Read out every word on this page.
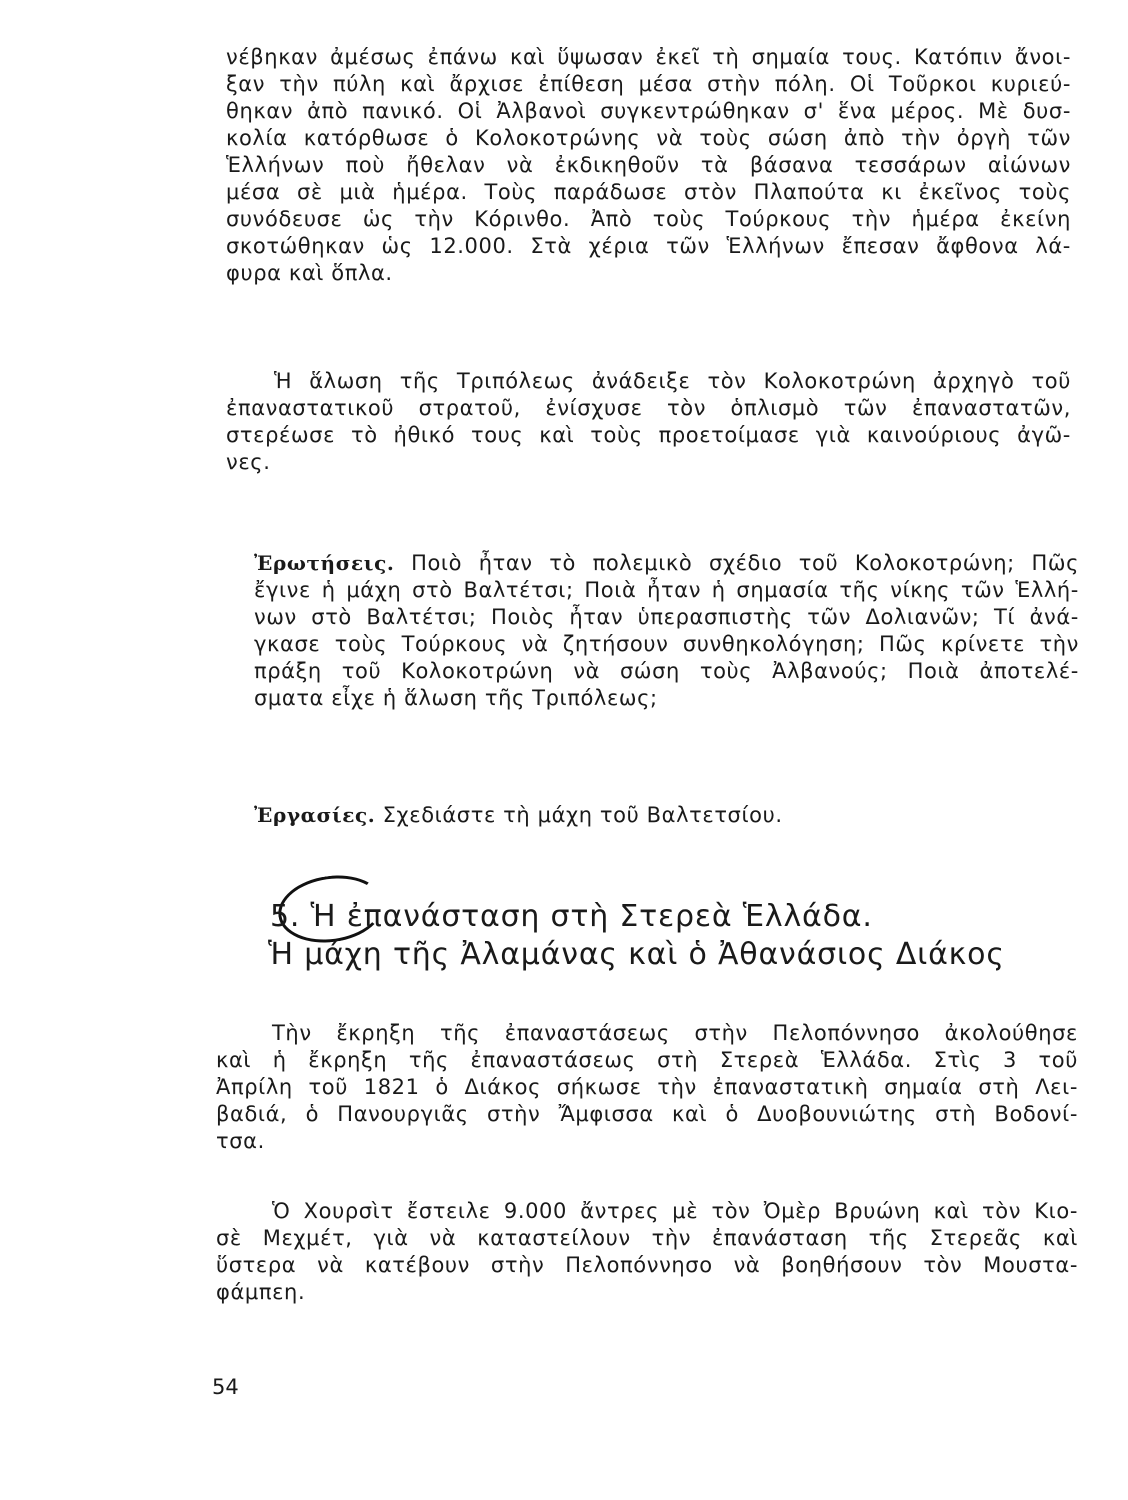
νέβηκαν ἀμέσως ἐπάνω καὶ ὕψωσαν ἐκεῖ τὴ σημαία τους. Κατόπιν ἄνοι-
ξαν τὴν πύλη καὶ ἄρχισε ἐπίθεση μέσα στὴν πόλη. Οἱ Τοῦρκοι κυριεύ-
θηκαν ἀπὸ πανικό. Οἱ Ἀλβανοὶ συγκεντρώθηκαν σ' ἕνα μέρος. Μὲ δυσ-
κολία κατόρθωσε ὁ Κολοκοτρώνης νὰ τοὺς σώση ἀπὸ τὴν ὀργὴ τῶν
Ἑλλήνων ποὺ ἤθελαν νὰ ἐκδικηθοῦν τὰ βάσανα τεσσάρων αἰώνων
μέσα σὲ μιὰ ἡμέρα. Τοὺς παράδωσε στὸν Πλαπούτα κι ἐκεῖνος τοὺς
συνόδευσε ὡς τὴν Κόρινθο. Ἀπὸ τοὺς Τούρκους τὴν ἡμέρα ἐκείνη
σκοτώθηκαν ὡς 12.000. Στὰ χέρια τῶν Ἑλλήνων ἔπεσαν ἄφθονα λά-
φυρα καὶ ὅπλα.
Ἡ ἅλωση τῆς Τριπόλεως ἀνάδειξε τὸν Κολοκοτρώνη ἀρχηγὸ τοῦ
ἐπαναστατικοῦ στρατοῦ, ἐνίσχυσε τὸν ὁπλισμὸ τῶν ἐπαναστατῶν,
στερέωσε τὸ ἠθικό τους καὶ τοὺς προετοίμασε γιὰ καινούριους ἀγῶ-
νες.
Ἐρωτήσεις. Ποιὸ ἦταν τὸ πολεμικὸ σχέδιο τοῦ Κολοκοτρώνη; Πῶς
ἔγινε ἡ μάχη στὸ Βαλτέτσι; Ποιὰ ἦταν ἡ σημασία τῆς νίκης τῶν Ἑλλή-
νων στὸ Βαλτέτσι; Ποιὸς ἦταν ὑπερασπιστὴς τῶν Δολιανῶν; Τί ἀνά-
γκασε τοὺς Τούρκους νὰ ζητήσουν συνθηκολόγηση; Πῶς κρίνετε τὴν
πράξη τοῦ Κολοκοτρώνη νὰ σώση τοὺς Ἀλβανούς; Ποιὰ ἀποτελέ-
σματα εἶχε ἡ ἅλωση τῆς Τριπόλεως;
Ἐργασίες. Σχεδιάστε τὴ μάχη τοῦ Βαλτετσίου.
5. Ἡ ἐπανάσταση στὴ Στερεὰ Ἑλλάδα.
Ἡ μάχη τῆς Ἀλαμάνας καὶ ὁ Ἀθανάσιος Διάκος
Τὴν ἔκρηξη τῆς ἐπαναστάσεως στὴν Πελοπόννησο ἀκολούθησε
καὶ ἡ ἔκρηξη τῆς ἐπαναστάσεως στὴ Στερεὰ Ἑλλάδα. Στὶς 3 τοῦ
Ἀπρίλη τοῦ 1821 ὁ Διάκος σήκωσε τὴν ἐπαναστατικὴ σημαία στὴ Λει-
βαδιά, ὁ Πανουργιᾶς στὴν Ἄμφισσα καὶ ὁ Δυοβουνιώτης στὴ Βοδονί-
τσα.
Ὁ Χουρσὶτ ἔστειλε 9.000 ἄντρες μὲ τὸν Ὀμὲρ Βρυώνη καὶ τὸν Κιο-
σὲ Μεχμέτ, γιὰ νὰ καταστείλουν τὴν ἐπανάσταση τῆς Στερεᾶς καὶ
ὕστερα νὰ κατέβουν στὴν Πελοπόννησο νὰ βοηθήσουν τὸν Μουστα-
φάμπεη.

54
